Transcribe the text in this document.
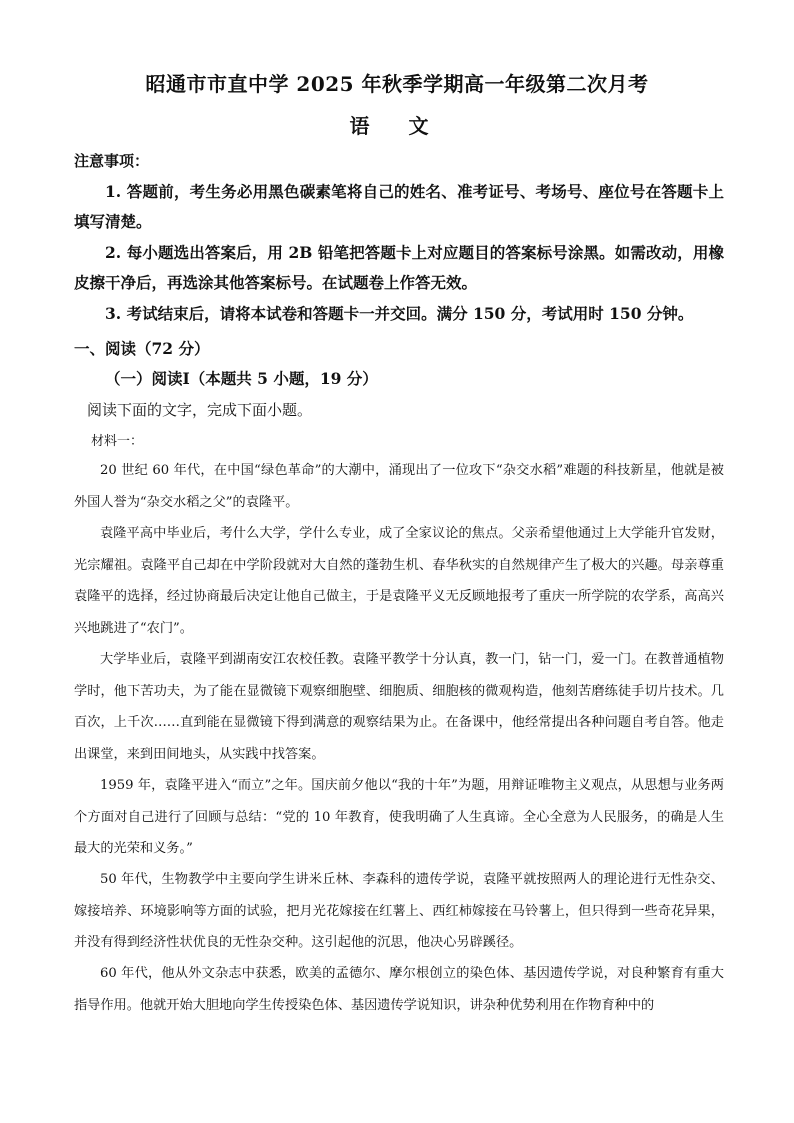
昭通市市直中学 2025 年秋季学期高一年级第二次月考
语 文
注意事项：
1. 答题前，考生务必用黑色碳素笔将自己的姓名、准考证号、考场号、座位号在答题卡上填写清楚。
2. 每小题选出答案后，用 2B 铅笔把答题卡上对应题目的答案标号涂黑。如需改动，用橡皮擦干净后，再选涂其他答案标号。在试题卷上作答无效。
3. 考试结束后，请将本试卷和答题卡一并交回。满分 150 分，考试用时 150 分钟。
一、阅读（72 分）
（一）阅读Ⅰ（本题共 5 小题，19 分）
阅读下面的文字，完成下面小题。
材料一：
20 世纪 60 年代，在中国“绿色革命”的大潮中，涌现出了一位攻下“杂交水稻”难题的科技新星，他就是被外国人誉为“杂交水稻之父”的袁隆平。
袁隆平高中毕业后，考什么大学，学什么专业，成了全家议论的焦点。父亲希望他通过上大学能升官发财，光宗耀祖。袁隆平自己却在中学阶段就对大自然的蓬勃生机、春华秋实的自然规律产生了极大的兴趣。母亲尊重袁隆平的选择，经过协商最后决定让他自己做主，于是袁隆平义无反顾地报考了重庆一所学院的农学系，高高兴兴地跳进了“农门”。
大学毕业后，袁隆平到湖南安江农校任教。袁隆平教学十分认真，教一门，钻一门，爱一门。在教普通植物学时，他下苦功夫，为了能在显微镜下观察细胞壁、细胞质、细胞核的微观构造，他刻苦磨练徒手切片技术。几百次，上千次……直到能在显微镜下得到满意的观察结果为止。在备课中，他经常提出各种问题自考自答。他走出课堂，来到田间地头，从实践中找答案。
1959 年，袁隆平进入“而立”之年。国庆前夕他以“我的十年”为题，用辩证唯物主义观点，从思想与业务两个方面对自己进行了回顾与总结：“党的 10 年教育，使我明确了人生真谛。全心全意为人民服务，的确是人生最大的光荣和义务。”
50 年代，生物教学中主要向学生讲米丘林、李森科的遗传学说，袁隆平就按照两人的理论进行无性杂交、嫁接培养、环境影响等方面的试验，把月光花嫁接在红薯上、西红柿嫁接在马铃薯上，但只得到一些奇花异果，并没有得到经济性状优良的无性杂交种。这引起他的沉思，他决心另辟蹊径。
60 年代，他从外文杂志中获悉，欧美的孟德尔、摩尔根创立的染色体、基因遗传学说，对良种繁育有重大指导作用。他就开始大胆地向学生传授染色体、基因遗传学说知识，讲杂种优势利用在作物育种中的
